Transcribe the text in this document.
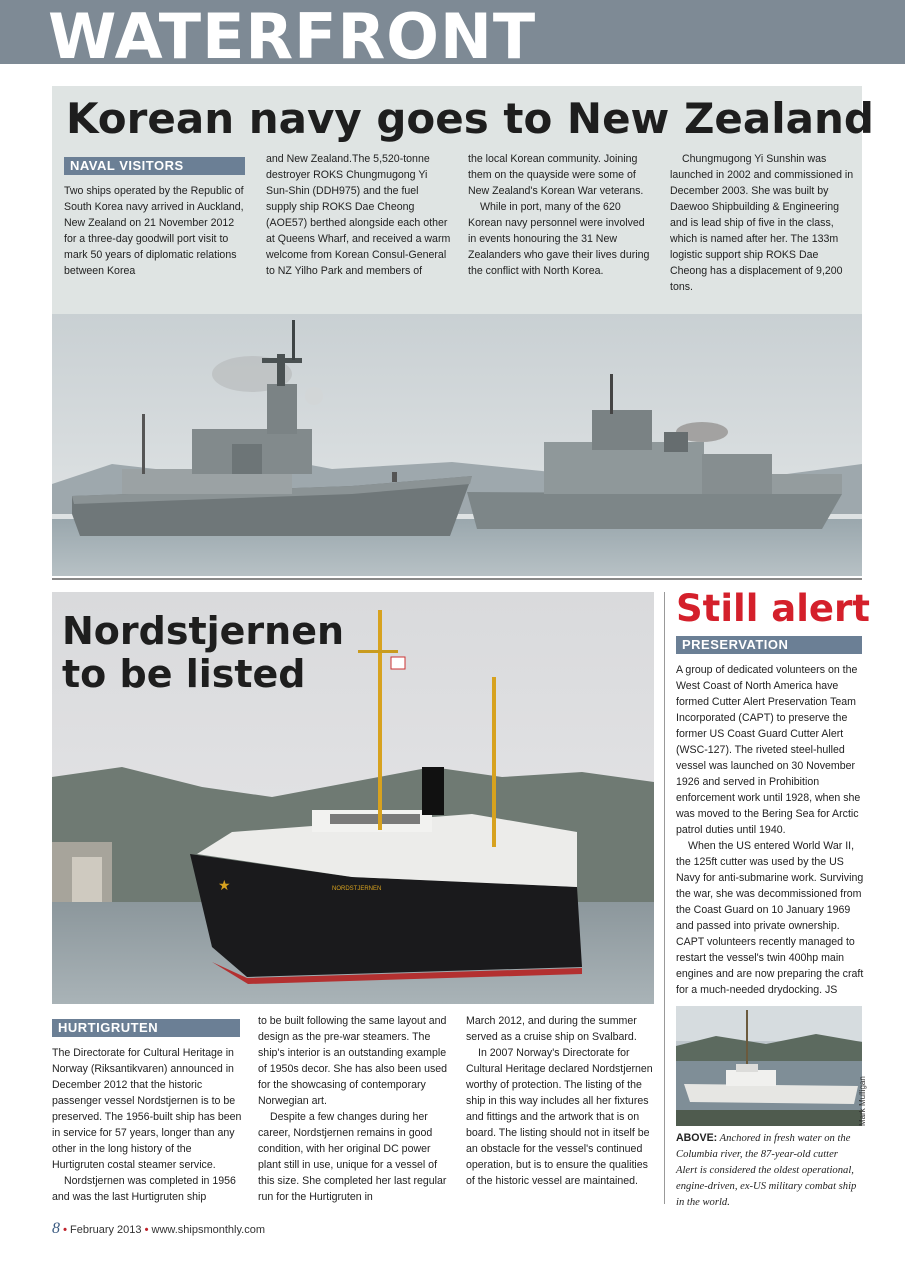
WATERFRONT
Korean navy goes to New Zealand
NAVAL VISITORS

Two ships operated by the Republic of South Korea navy arrived in Auckland, New Zealand on 21 November 2012 for a three-day goodwill port visit to mark 50 years of diplomatic relations between Korea

and New Zealand.The 5,520-tonne destroyer ROKS Chungmugong Yi Sun-Shin (DDH975) and the fuel supply ship ROKS Dae Cheong (AOE57) berthed alongside each other at Queens Wharf, and received a warm welcome from Korean Consul-General to NZ Yilho Park and members of

the local Korean community. Joining them on the quayside were some of New Zealand's Korean War veterans.

While in port, many of the 620 Korean navy personnel were involved in events honouring the 31 New Zealanders who gave their lives during the conflict with North Korea.

Chungmugong Yi Sunshin was launched in 2002 and commissioned in December 2003. She was built by Daewoo Shipbuilding & Engineering and is lead ship of five in the class, which is named after her. The 133m logistic support ship ROKS Dae Cheong has a displacement of 9,200 tons.

★	NORDSTJERNEN
Nordstjernen
to be listed
HURTIGRUTEN

The Directorate for Cultural Heritage in Norway (Riksantikvaren) announced in December 2012 that the historic passenger vessel Nordstjernen is to be preserved. The 1956-built ship has been in service for 57 years, longer than any other in the long history of the Hurtigruten costal steamer service.

Nordstjernen was completed in 1956 and was the last Hurtigruten ship

to be built following the same layout and design as the pre-war steamers. The ship's interior is an outstanding example of 1950s decor. She has also been used for the showcasing of contemporary Norwegian art.

Despite a few changes during her career, Nordstjernen remains in good condition, with her original DC power plant still in use, unique for a vessel of this size. She completed her last regular run for the Hurtigruten in

March 2012, and during the summer served as a cruise ship on Svalbard.

In 2007 Norway's Directorate for Cultural Heritage declared Nordstjernen worthy of protection. The listing of the ship in this way includes all her fixtures and fittings and the artwork that is on board. The listing should not in itself be an obstacle for the vessel's continued operation, but is to ensure the qualities of the historic vessel are maintained.

Still alert
PRESERVATION

A group of dedicated volunteers on the West Coast of North America have formed Cutter Alert Preservation Team Incorporated (CAPT) to preserve the former US Coast Guard Cutter Alert (WSC-127). The riveted steel-hulled vessel was launched on 30 November 1926 and served in Prohibition enforcement work until 1928, when she was moved to the Bering Sea for Arctic patrol duties until 1940.

When the US entered World War II, the 125ft cutter was used by the US Navy for anti-submarine work. Surviving the war, she was decommissioned from the Coast Guard on 10 January 1969 and passed into private ownership. CAPT volunteers recently managed to restart the vessel's twin 400hp main engines and are now preparing the craft for a much-needed drydocking. JS

Mark Mulligan
ABOVE: Anchored in fresh water on the Columbia river, the 87-year-old cutter Alert is considered the oldest operational, engine-driven, ex-US military combat ship in the world.
8 • February 2013 • www.shipsmonthly.com
